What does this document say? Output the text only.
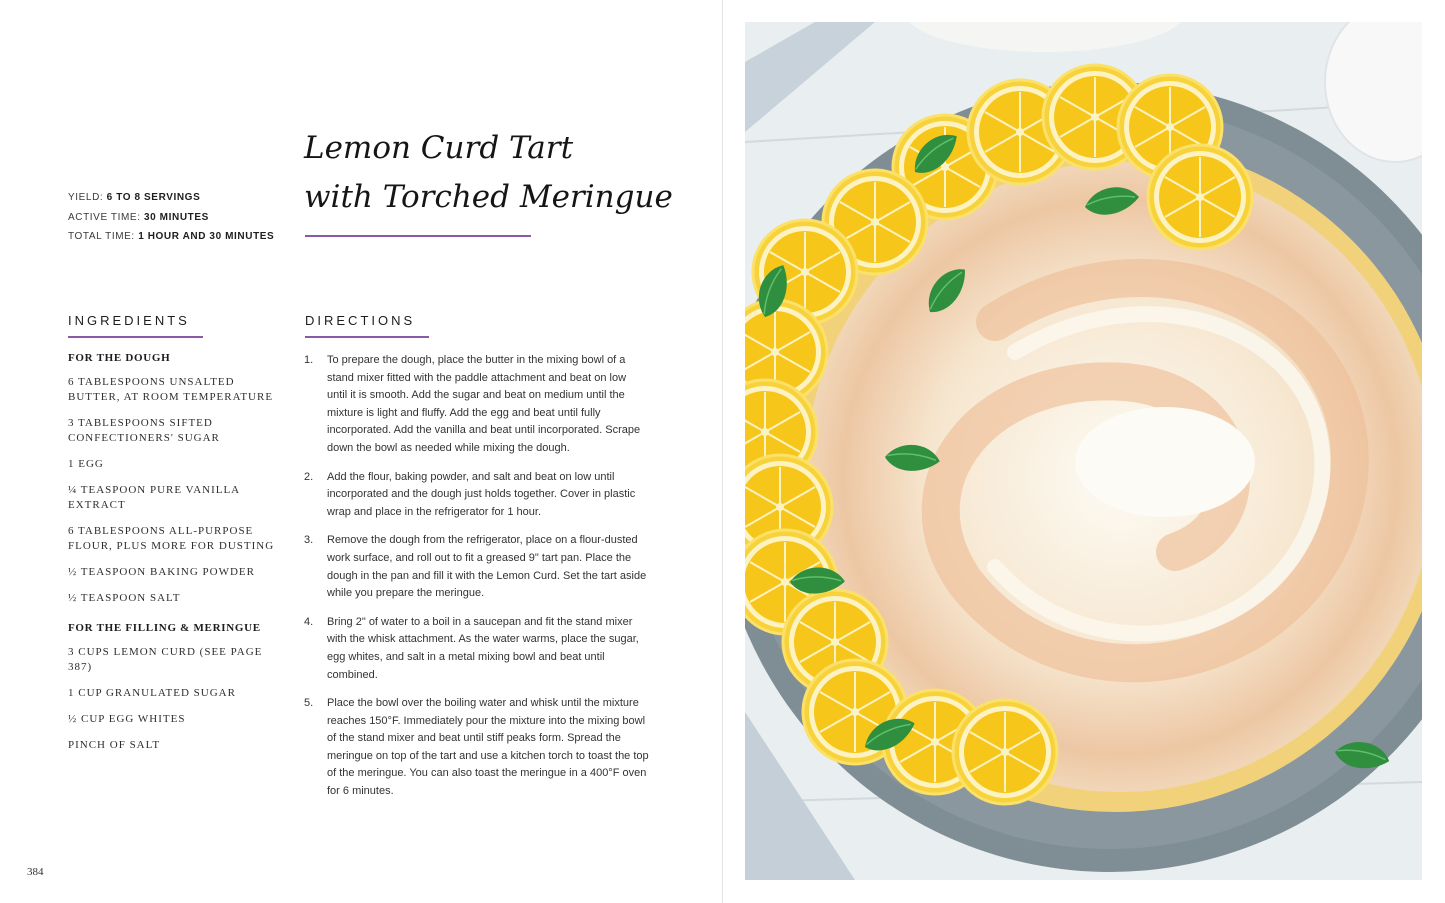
YIELD: 6 TO 8 SERVINGS
ACTIVE TIME: 30 MINUTES
TOTAL TIME: 1 HOUR AND 30 MINUTES
Lemon Curd Tart
with Torched Meringue
INGREDIENTS	DIRECTIONS
FOR THE DOUGH
6 TABLESPOONS UNSALTED BUTTER, AT ROOM TEMPERATURE
3 TABLESPOONS SIFTED CONFECTIONERS' SUGAR
1 EGG
¼ TEASPOON PURE VANILLA EXTRACT
6 TABLESPOONS ALL-PURPOSE FLOUR, PLUS MORE FOR DUSTING
½ TEASPOON BAKING POWDER
½ TEASPOON SALT
FOR THE FILLING & MERINGUE
3 CUPS LEMON CURD (SEE PAGE 387)
1 CUP GRANULATED SUGAR
½ CUP EGG WHITES
PINCH OF SALT
1.	To prepare the dough, place the butter in the mixing bowl of a stand mixer fitted with the paddle attachment and beat on low until it is smooth. Add the sugar and beat on medium until the mixture is light and fluffy. Add the egg and beat until fully incorporated. Add the vanilla and beat until incorporated. Scrape down the bowl as needed while mixing the dough.
2.	Add the flour, baking powder, and salt and beat on low until incorporated and the dough just holds together. Cover in plastic wrap and place in the refrigerator for 1 hour.
3.	Remove the dough from the refrigerator, place on a flour-dusted work surface, and roll out to fit a greased 9" tart pan. Place the dough in the pan and fill it with the Lemon Curd. Set the tart aside while you prepare the meringue.
4.	Bring 2" of water to a boil in a saucepan and fit the stand mixer with the whisk attachment. As the water warms, place the sugar, egg whites, and salt in a metal mixing bowl and beat until combined.
5.	Place the bowl over the boiling water and whisk until the mixture reaches 150°F. Immediately pour the mixture into the mixing bowl of the stand mixer and beat until stiff peaks form. Spread the meringue on top of the tart and use a kitchen torch to toast the top of the meringue. You can also toast the meringue in a 400°F oven for 6 minutes.
384
